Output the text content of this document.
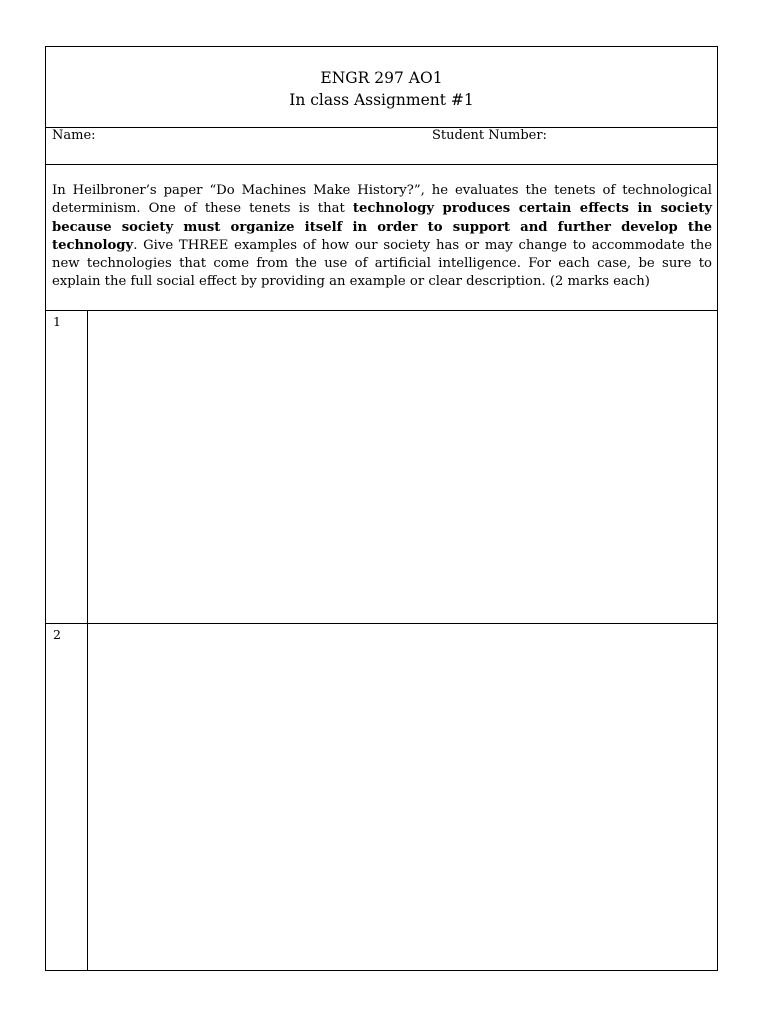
ENGR 297 AO1
In class Assignment #1
Name:	Student Number:
In Heilbroner’s paper “Do Machines Make History?”, he evaluates the tenets of technological determinism. One of these tenets is that technology produces certain effects in society because society must organize itself in order to support and further develop the technology. Give THREE examples of how our society has or may change to accommodate the new technologies that come from the use of artificial intelligence. For each case, be sure to explain the full social effect by providing an example or clear description. (2 marks each)
1
2
